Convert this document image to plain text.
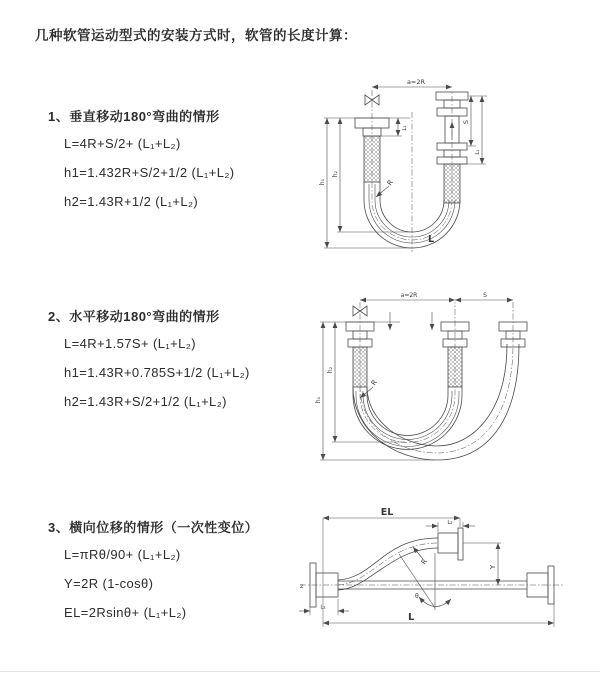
几种软管运动型式的安装方式时，软管的长度计算：
1、垂直移动180°弯曲的情形
L=4R+S/2+ (L₁+L₂)
h1=1.432R+S/2+1/2 (L₁+L₂)
h2=1.43R+1/2 (L₁+L₂)
2、水平移动180°弯曲的情形
L=4R+1.57S+ (L₁+L₂)
h1=1.43R+0.785S+1/2 (L₁+L₂)
h2=1.43R+S/2+1/2 (L₁+L₂)
3、横向位移的情形（一次性变位）
L=πRθ/90+ (L₁+L₂)
Y=2R (1-cosθ)
EL=2Rsinθ+ (L₁+L₂)
a=2R
S
L₁
L₁
h₁
h₂
R
L
a=2R	S
h₁
h₂
R
EL
L₂
L₁
L
Y
R
θ
z
